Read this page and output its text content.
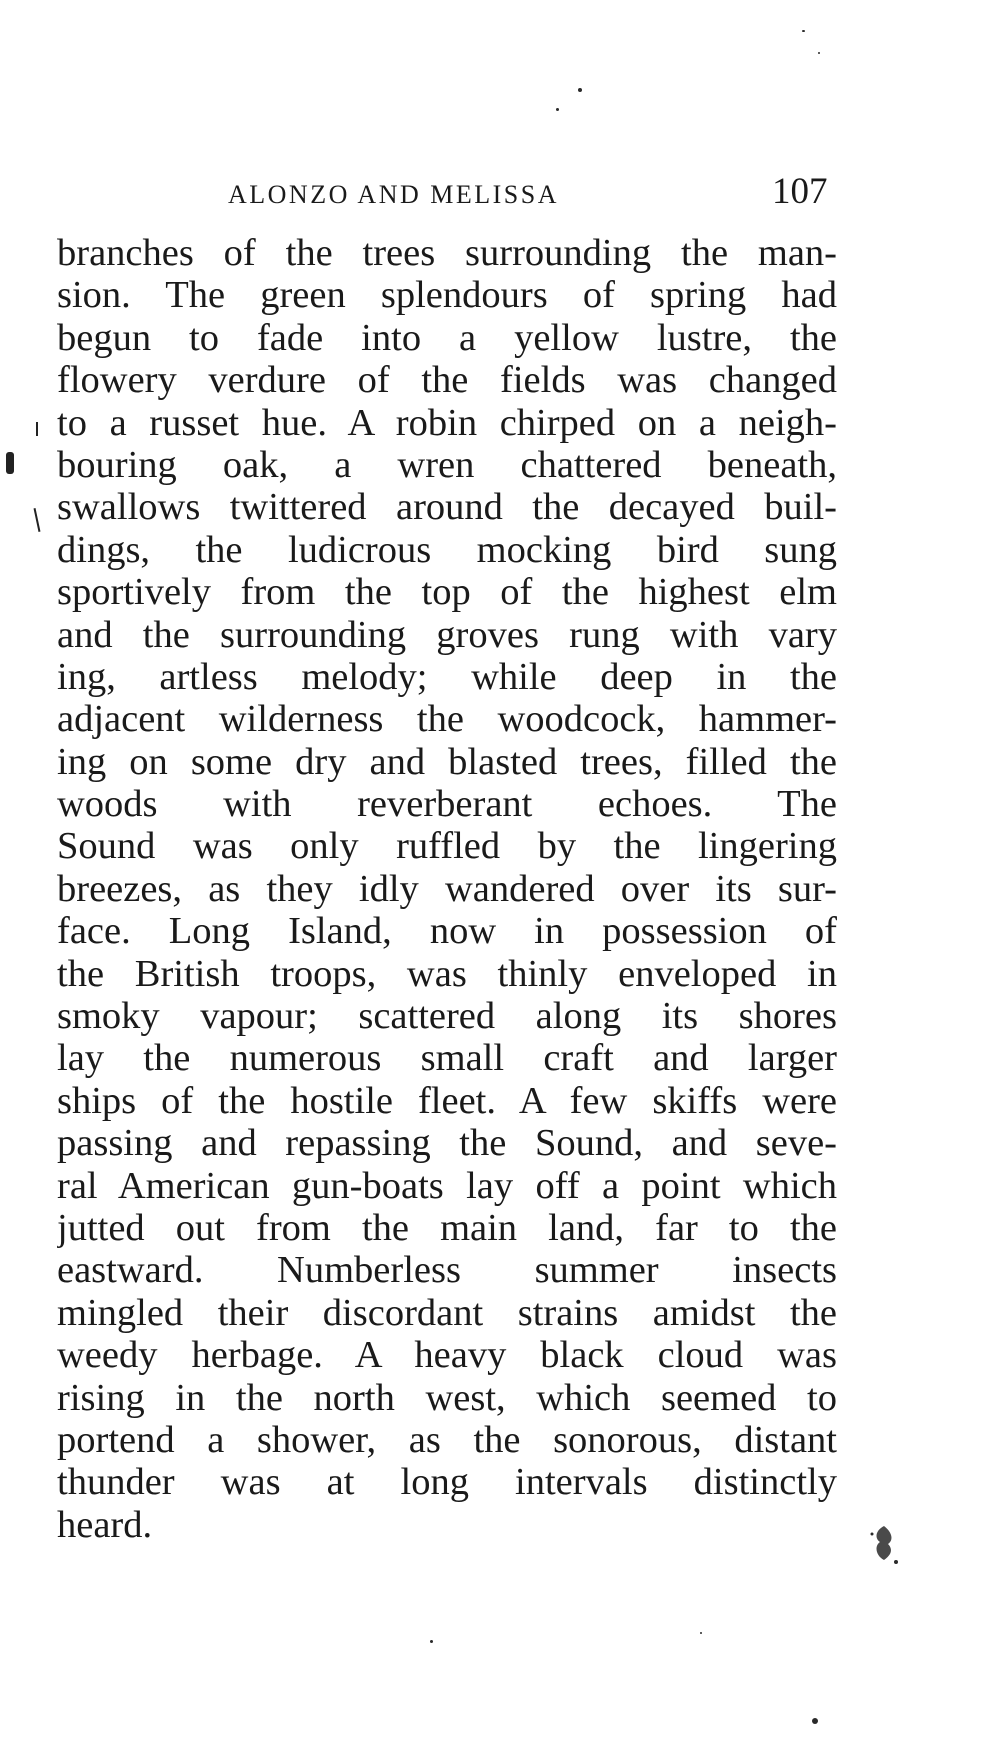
ALONZO AND MELISSA	107
branches of the trees surrounding the man-
sion. The green splendours of spring had
begun to fade into a yellow lustre, the
flowery verdure of the fields was changed
to a russet hue. A robin chirped on a neigh-
bouring oak, a wren chattered beneath,
swallows twittered around the decayed buil-
dings, the ludicrous mocking bird sung
sportively from the top of the highest elm
and the surrounding groves rung with vary
ing, artless melody; while deep in the
adjacent wilderness the woodcock, hammer-
ing on some dry and blasted trees, filled the
woods with reverberant echoes. The
Sound was only ruffled by the lingering
breezes, as they idly wandered over its sur-
face. Long Island, now in possession of
the British troops, was thinly enveloped in
smoky vapour; scattered along its shores
lay the numerous small craft and larger
ships of the hostile fleet. A few skiffs were
passing and repassing the Sound, and seve-
ral American gun-boats lay off a point which
jutted out from the main land, far to the
eastward. Numberless summer insects
mingled their discordant strains amidst the
weedy herbage. A heavy black cloud was
rising in the north west, which seemed to
portend a shower, as the sonorous, distant
thunder was at long intervals distinctly
heard.
